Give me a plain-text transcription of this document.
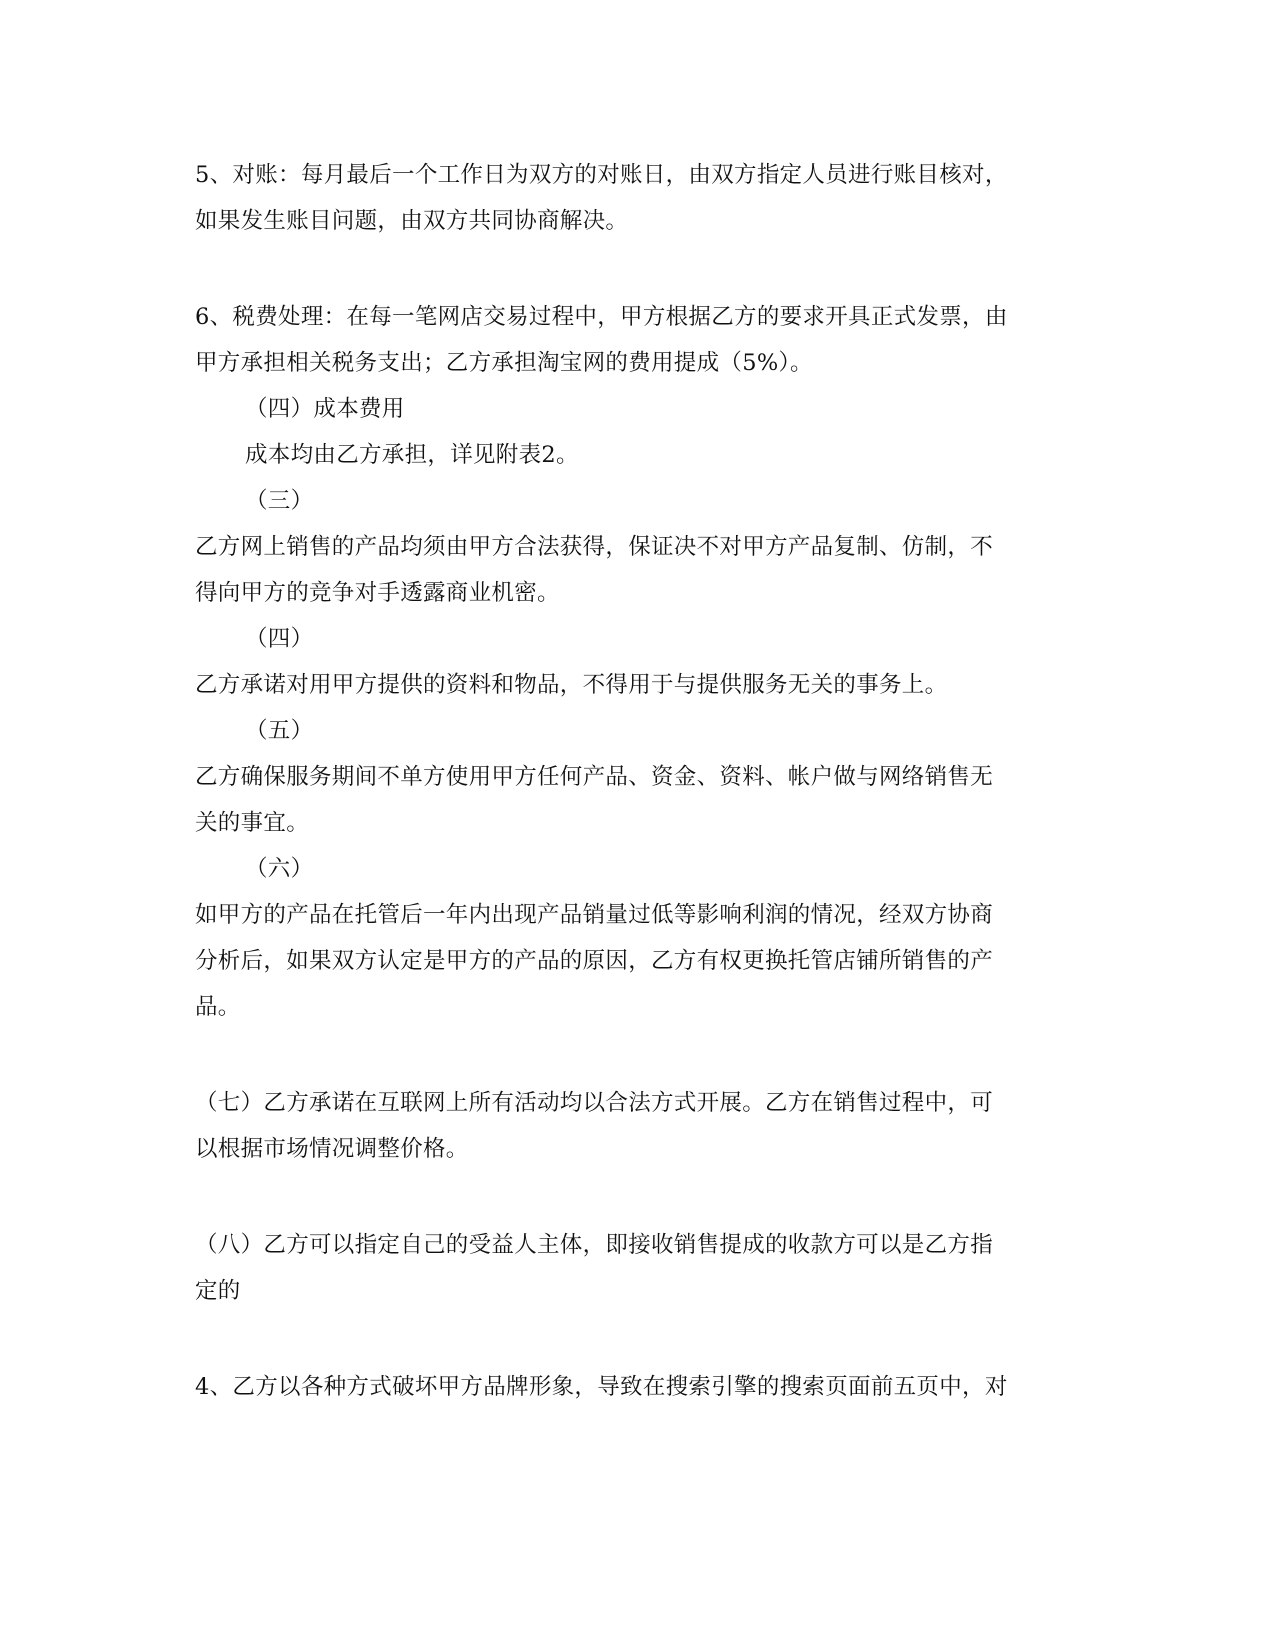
5、对账：每月最后一个工作日为双方的对账日，由双方指定人员进行账目核对，
如果发生账目问题，由双方共同协商解决。
6、税费处理：在每一笔网店交易过程中，甲方根据乙方的要求开具正式发票，由
甲方承担相关税务支出；乙方承担淘宝网的费用提成（5%）。
（四）成本费用
成本均由乙方承担，详见附表2。
（三）
乙方网上销售的产品均须由甲方合法获得，保证决不对甲方产品复制、仿制，不
得向甲方的竞争对手透露商业机密。
（四）
乙方承诺对用甲方提供的资料和物品，不得用于与提供服务无关的事务上。
（五）
乙方确保服务期间不单方使用甲方任何产品、资金、资料、帐户做与网络销售无
关的事宜。
（六）
如甲方的产品在托管后一年内出现产品销量过低等影响利润的情况，经双方协商
分析后，如果双方认定是甲方的产品的原因，乙方有权更换托管店铺所销售的产
品。
（七）乙方承诺在互联网上所有活动均以合法方式开展。乙方在销售过程中，可
以根据市场情况调整价格。
（八）乙方可以指定自己的受益人主体，即接收销售提成的收款方可以是乙方指
定的
4、乙方以各种方式破坏甲方品牌形象，导致在搜索引擎的搜索页面前五页中，对
